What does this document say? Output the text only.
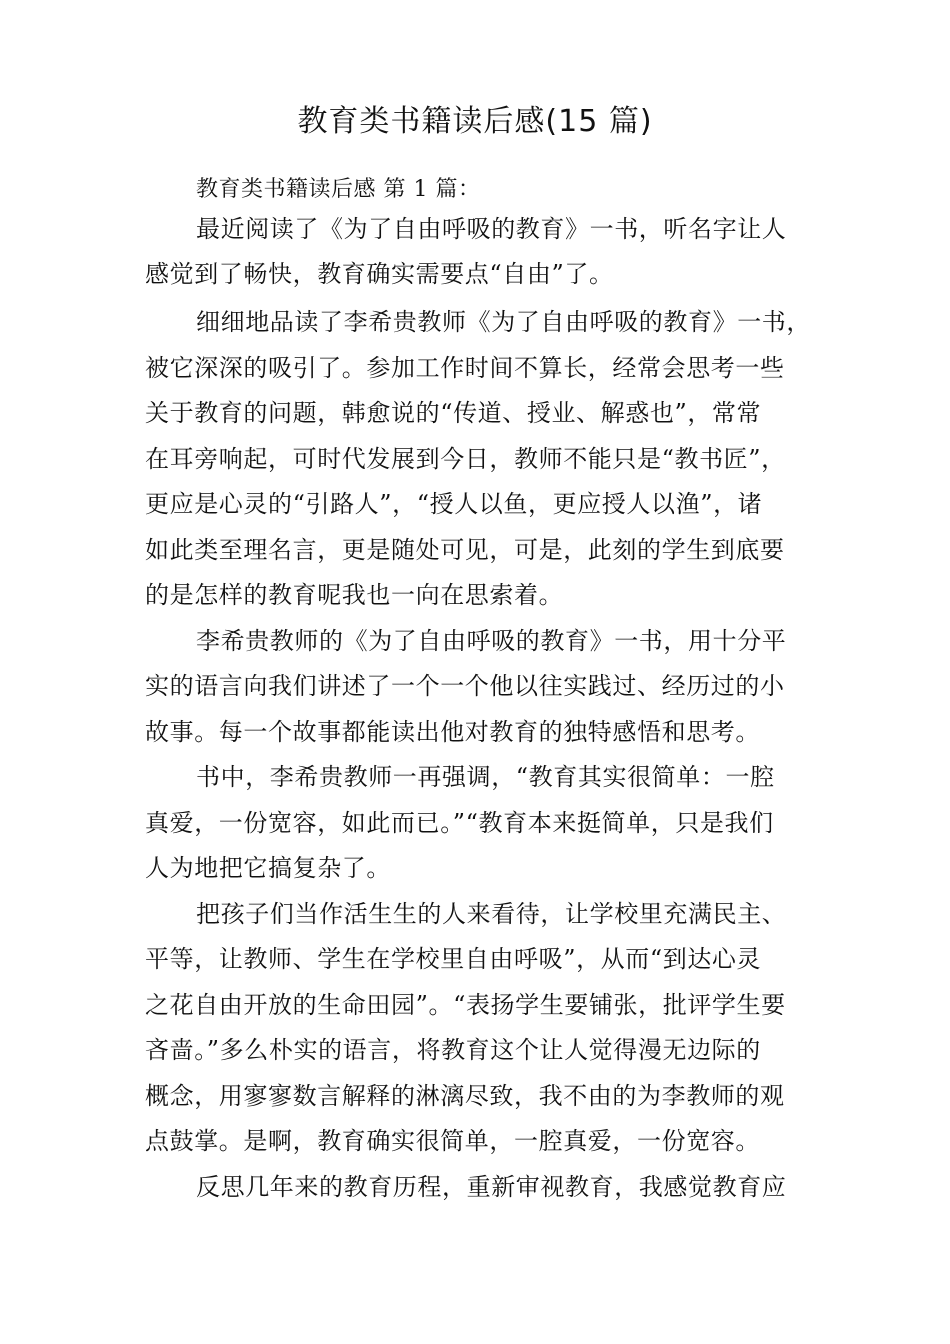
教育类书籍读后感(15 篇)
教育类书籍读后感 第 1 篇：
最近阅读了《为了自由呼吸的教育》一书，听名字让人
感觉到了畅快，教育确实需要点“自由”了。
细细地品读了李希贵教师《为了自由呼吸的教育》一书，
被它深深的吸引了。参加工作时间不算长，经常会思考一些
关于教育的问题，韩愈说的“传道、授业、解惑也”，常常
在耳旁响起，可时代发展到今日，教师不能只是“教书匠”，
更应是心灵的“引路人”，“授人以鱼，更应授人以渔”，诸
如此类至理名言，更是随处可见，可是，此刻的学生到底要
的是怎样的教育呢我也一向在思索着。
李希贵教师的《为了自由呼吸的教育》一书，用十分平
实的语言向我们讲述了一个一个他以往实践过、经历过的小
故事。每一个故事都能读出他对教育的独特感悟和思考。
书中，李希贵教师一再强调，“教育其实很简单：一腔
真爱，一份宽容，如此而已。”“教育本来挺简单，只是我们
人为地把它搞复杂了。
把孩子们当作活生生的人来看待，让学校里充满民主、
平等，让教师、学生在学校里自由呼吸”，从而“到达心灵
之花自由开放的生命田园”。“表扬学生要铺张，批评学生要
吝啬。”多么朴实的语言，将教育这个让人觉得漫无边际的
概念，用寥寥数言解释的淋漓尽致，我不由的为李教师的观
点鼓掌。是啊，教育确实很简单，一腔真爱，一份宽容。
反思几年来的教育历程，重新审视教育，我感觉教育应
